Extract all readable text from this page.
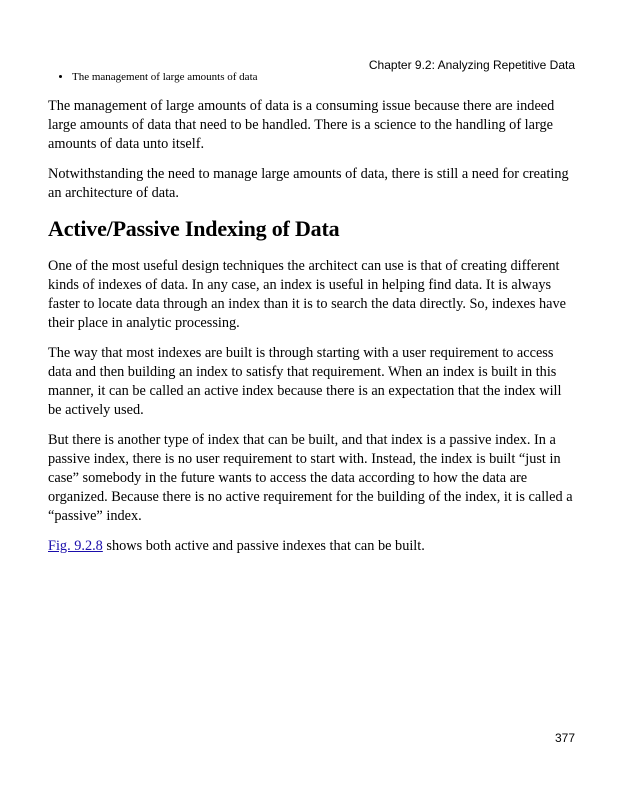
Chapter 9.2: Analyzing Repetitive Data
• The management of large amounts of data

The management of large amounts of data is a consuming issue because there are indeed large amounts of data that need to be handled. There is a science to the handling of large amounts of data unto itself.

Notwithstanding the need to manage large amounts of data, there is still a need for creating an architecture of data.

Active/Passive Indexing of Data

One of the most useful design techniques the architect can use is that of creating different kinds of indexes of data. In any case, an index is useful in helping find data. It is always faster to locate data through an index than it is to search the data directly. So, indexes have their place in analytic processing.

The way that most indexes are built is through starting with a user requirement to access data and then building an index to satisfy that requirement. When an index is built in this manner, it can be called an active index because there is an expectation that the index will be actively used.

But there is another type of index that can be built, and that index is a passive index. In a passive index, there is no user requirement to start with. Instead, the index is built “just in case” somebody in the future wants to access the data according to how the data are organized. Because there is no active requirement for the building of the index, it is called a “passive” index.

Fig. 9.2.8 shows both active and passive indexes that can be built.

377
